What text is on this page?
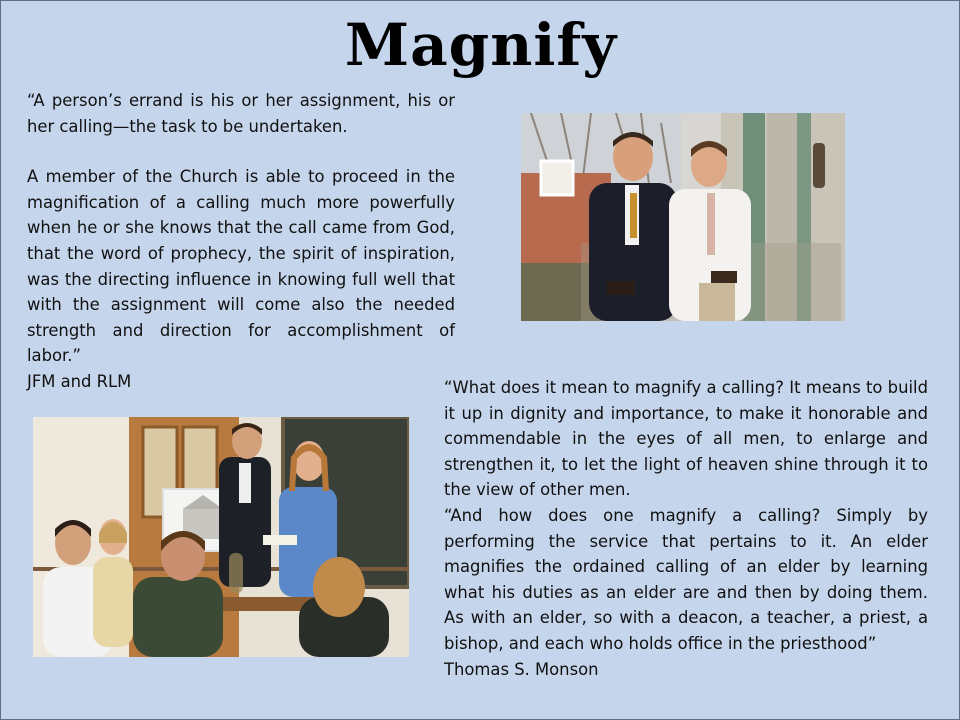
Magnify

“A person’s errand is his or her assignment, his or her calling—the task to be undertaken.

A member of the Church is able to proceed in the magnification of a calling much more powerfully when he or she knows that the call came from God, that the word of prophecy, the spirit of inspiration, was the directing influence in knowing full well that with the assignment will come also the needed strength and direction for accomplishment of labor.”

JFM and RLM	“What does it mean to magnify a calling? It means to build it up in dignity and importance, to make it honorable and commendable in the eyes of all men, to enlarge and strengthen it, to let the light of heaven shine through it to the view of other men.

“And how does one magnify a calling? Simply by performing the service that pertains to it. An elder magnifies the ordained calling of an elder by learning what his duties as an elder are and then by doing them. As with an elder, so with a deacon, a teacher, a priest, a bishop, and each who holds office in the priesthood”

Thomas S. Monson
